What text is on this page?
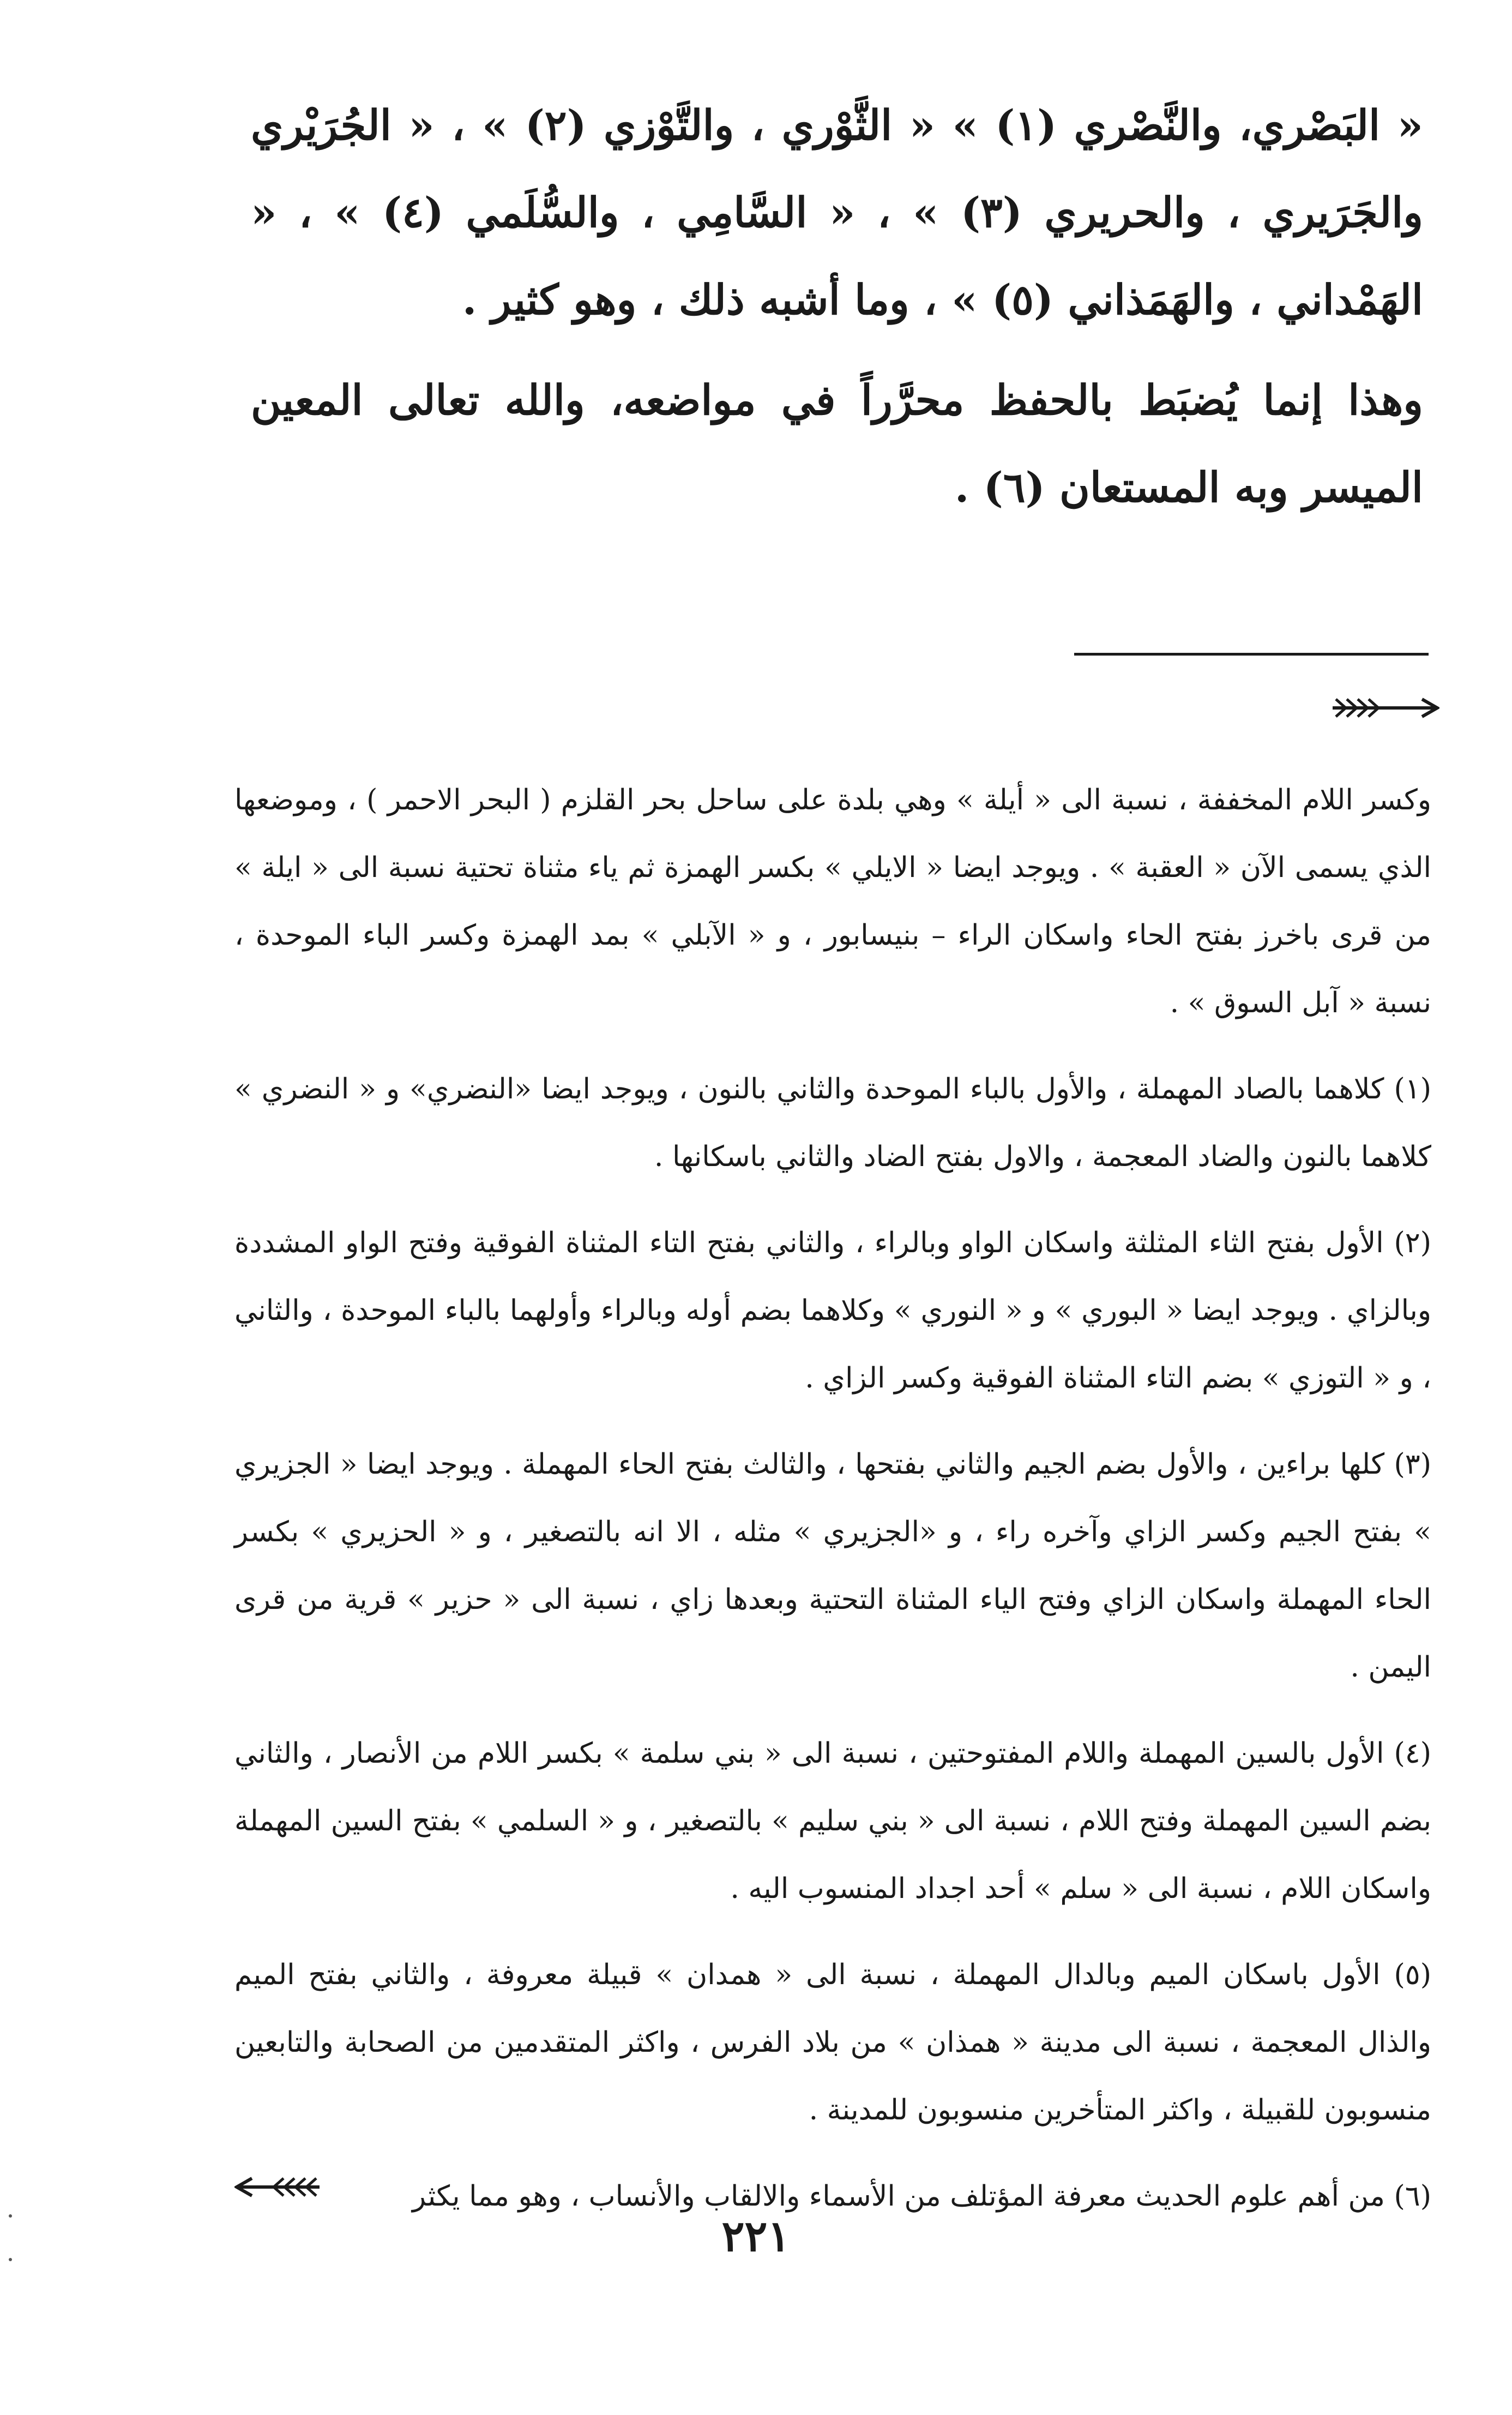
« البَصْري، والنَّصْري (١) » « الثَّوْري ، والتَّوْزي (٢) » ، « الجُرَيْري والجَرَيري ، والحريري (٣) » ، « السَّامِي ، والسُّلَمي (٤) » ، « الهَمْداني ، والهَمَذاني (٥) » ، وما أشبه ذلك ، وهو كثير .

وهذا إنما يُضبَط بالحفظ محرَّراً في مواضعه، والله تعالى المعين الميسر وبه المستعان (٦) .

وكسر اللام المخففة ، نسبة الى « أيلة » وهي بلدة على ساحل بحر القلزم ( البحر الاحمر ) ، وموضعها الذي يسمى الآن « العقبة » . ويوجد ايضا « الايلي » بكسر الهمزة ثم ياء مثناة تحتية نسبة الى « ايلة » من قرى باخرز بفتح الحاء واسكان الراء – بنيسابور ، و « الآبلي » بمد الهمزة وكسر الباء الموحدة ، نسبة « آبل السوق » .

(١) كلاهما بالصاد المهملة ، والأول بالباء الموحدة والثاني بالنون ، ويوجد ايضا «النضري» و « النضري » كلاهما بالنون والضاد المعجمة ، والاول بفتح الضاد والثاني باسكانها .

(٢) الأول بفتح الثاء المثلثة واسكان الواو وبالراء ، والثاني بفتح التاء المثناة الفوقية وفتح الواو المشددة وبالزاي . ويوجد ايضا « البوري » و « النوري » وكلاهما بضم أوله وبالراء وأولهما بالباء الموحدة ، والثاني ، و « التوزي » بضم التاء المثناة الفوقية وكسر الزاي .

(٣) كلها براءين ، والأول بضم الجيم والثاني بفتحها ، والثالث بفتح الحاء المهملة . ويوجد ايضا « الجزيري » بفتح الجيم وكسر الزاي وآخره راء ، و «الجزيري » مثله ، الا انه بالتصغير ، و « الحزيري » بكسر الحاء المهملة واسكان الزاي وفتح الياء المثناة التحتية وبعدها زاي ، نسبة الى « حزير » قرية من قرى اليمن .

(٤) الأول بالسين المهملة واللام المفتوحتين ، نسبة الى « بني سلمة » بكسر اللام من الأنصار ، والثاني بضم السين المهملة وفتح اللام ، نسبة الى « بني سليم » بالتصغير ، و « السلمي » بفتح السين المهملة واسكان اللام ، نسبة الى « سلم » أحد اجداد المنسوب اليه .

(٥) الأول باسكان الميم وبالدال المهملة ، نسبة الى « همدان » قبيلة معروفة ، والثاني بفتح الميم والذال المعجمة ، نسبة الى مدينة « همذان » من بلاد الفرس ، واكثر المتقدمين من الصحابة والتابعين منسوبون للقبيلة ، واكثر المتأخرين منسوبون للمدينة .

(٦) من أهم علوم الحديث معرفة المؤتلف من الأسماء والالقاب والأنساب ، وهو مما يكثر

٢٢١
